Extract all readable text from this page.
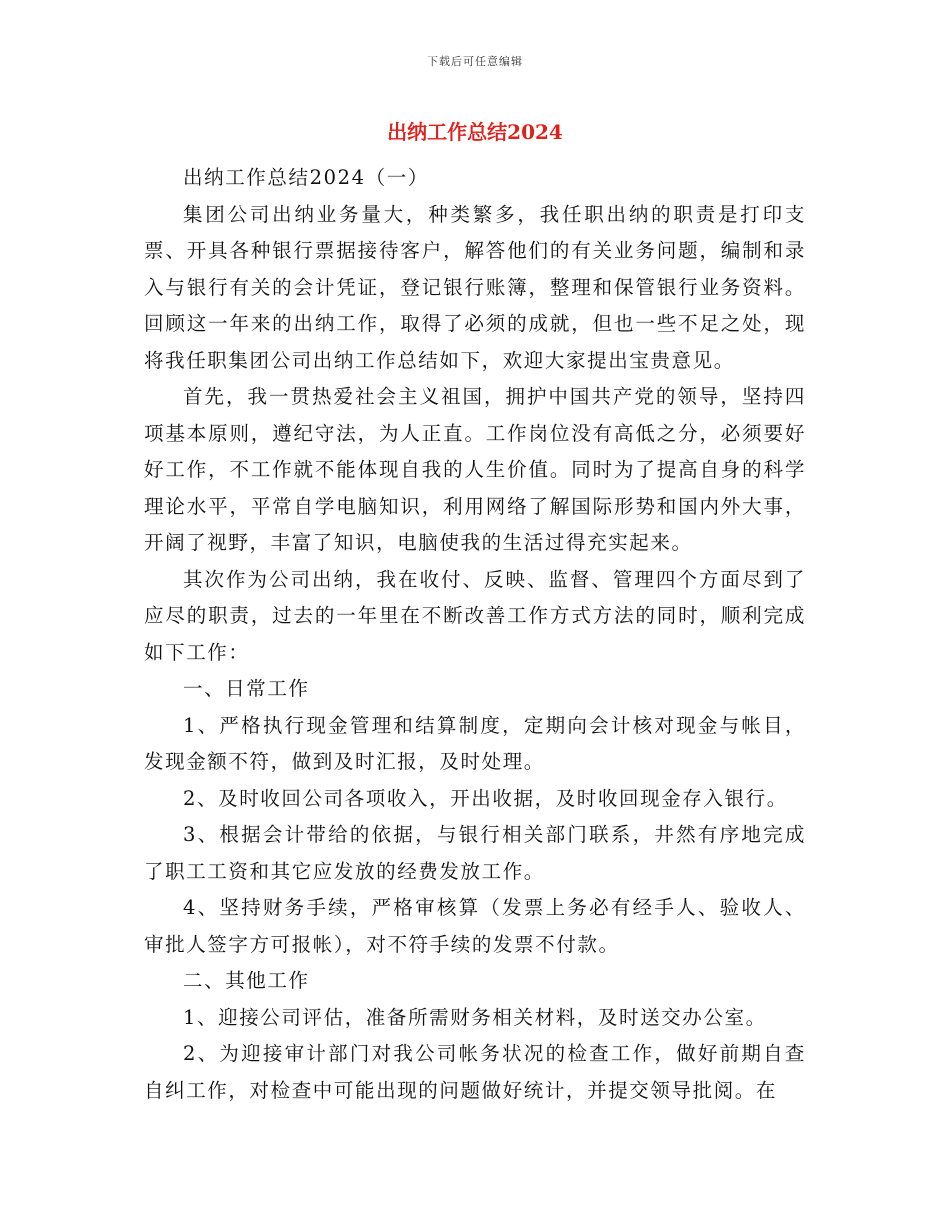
下载后可任意编辑
出纳工作总结2024

出纳工作总结2024（一）

集团公司出纳业务量大，种类繁多，我任职出纳的职责是打印支票、开具各种银行票据接待客户，解答他们的有关业务问题，编制和录入与银行有关的会计凭证，登记银行账簿，整理和保管银行业务资料。回顾这一年来的出纳工作，取得了必须的成就，但也一些不足之处，现将我任职集团公司出纳工作总结如下，欢迎大家提出宝贵意见。

首先，我一贯热爱社会主义祖国，拥护中国共产党的领导，坚持四项基本原则，遵纪守法，为人正直。工作岗位没有高低之分，必须要好好工作，不工作就不能体现自我的人生价值。同时为了提高自身的科学理论水平，平常自学电脑知识，利用网络了解国际形势和国内外大事，开阔了视野，丰富了知识，电脑使我的生活过得充实起来。

其次作为公司出纳，我在收付、反映、监督、管理四个方面尽到了应尽的职责，过去的一年里在不断改善工作方式方法的同时，顺利完成如下工作：

一、日常工作

1、严格执行现金管理和结算制度，定期向会计核对现金与帐目，发现金额不符，做到及时汇报，及时处理。

2、及时收回公司各项收入，开出收据，及时收回现金存入银行。

3、根据会计带给的依据，与银行相关部门联系，井然有序地完成了职工工资和其它应发放的经费发放工作。

4、坚持财务手续，严格审核算（发票上务必有经手人、验收人、审批人签字方可报帐），对不符手续的发票不付款。

二、其他工作

1、迎接公司评估，准备所需财务相关材料，及时送交办公室。

2、为迎接审计部门对我公司帐务状况的检查工作，做好前期自查自纠工作，对检查中可能出现的问题做好统计，并提交领导批阅。在
